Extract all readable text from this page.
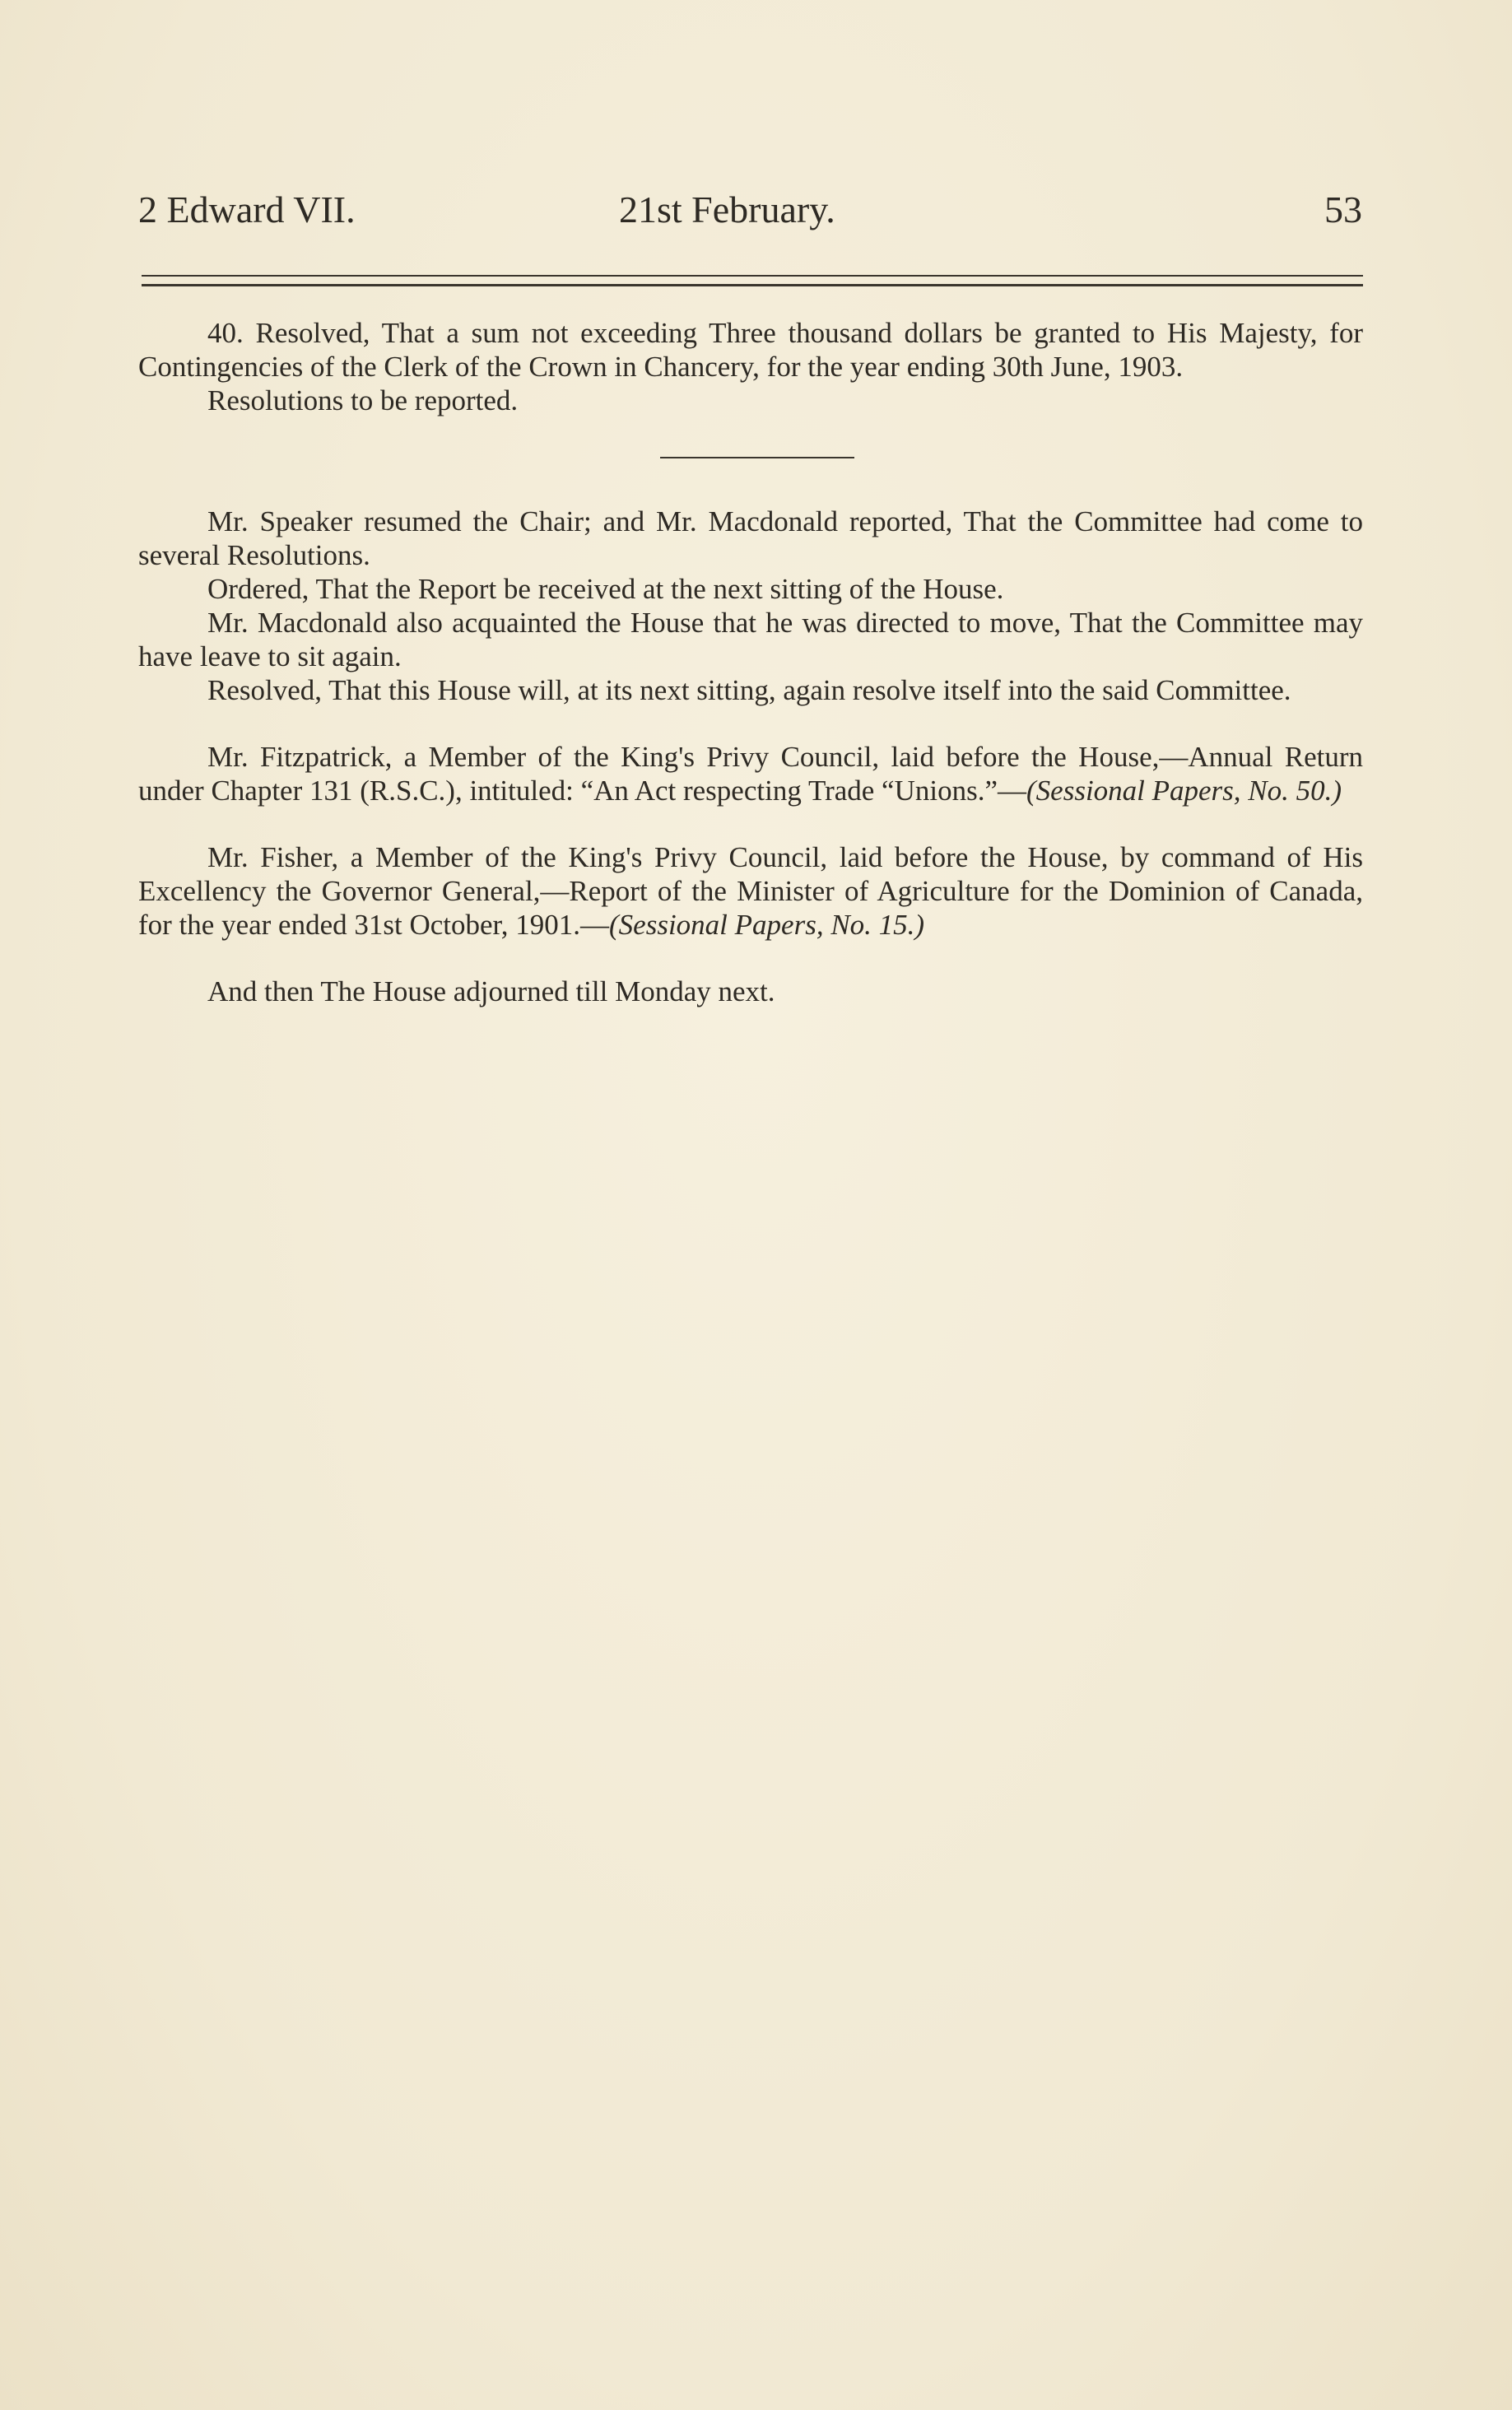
2 Edward VII.	21st February.	53

40. Resolved, That a sum not exceeding Three thousand dollars be granted to His Majesty, for Contingencies of the Clerk of the Crown in Chancery, for the year ending 30th June, 1903.

Resolutions to be reported.

Mr. Speaker resumed the Chair; and Mr. Macdonald reported, That the Committee had come to several Resolutions.

Ordered, That the Report be received at the next sitting of the House.

Mr. Macdonald also acquainted the House that he was directed to move, That the Committee may have leave to sit again.

Resolved, That this House will, at its next sitting, again resolve itself into the said Committee.

Mr. Fitzpatrick, a Member of the King's Privy Council, laid before the House,—Annual Return under Chapter 131 (R.S.C.), intituled: “An Act respecting Trade “Unions.”—(Sessional Papers, No. 50.)

Mr. Fisher, a Member of the King's Privy Council, laid before the House, by command of His Excellency the Governor General,—Report of the Minister of Agriculture for the Dominion of Canada, for the year ended 31st October, 1901.—(Sessional Papers, No. 15.)

And then The House adjourned till Monday next.
